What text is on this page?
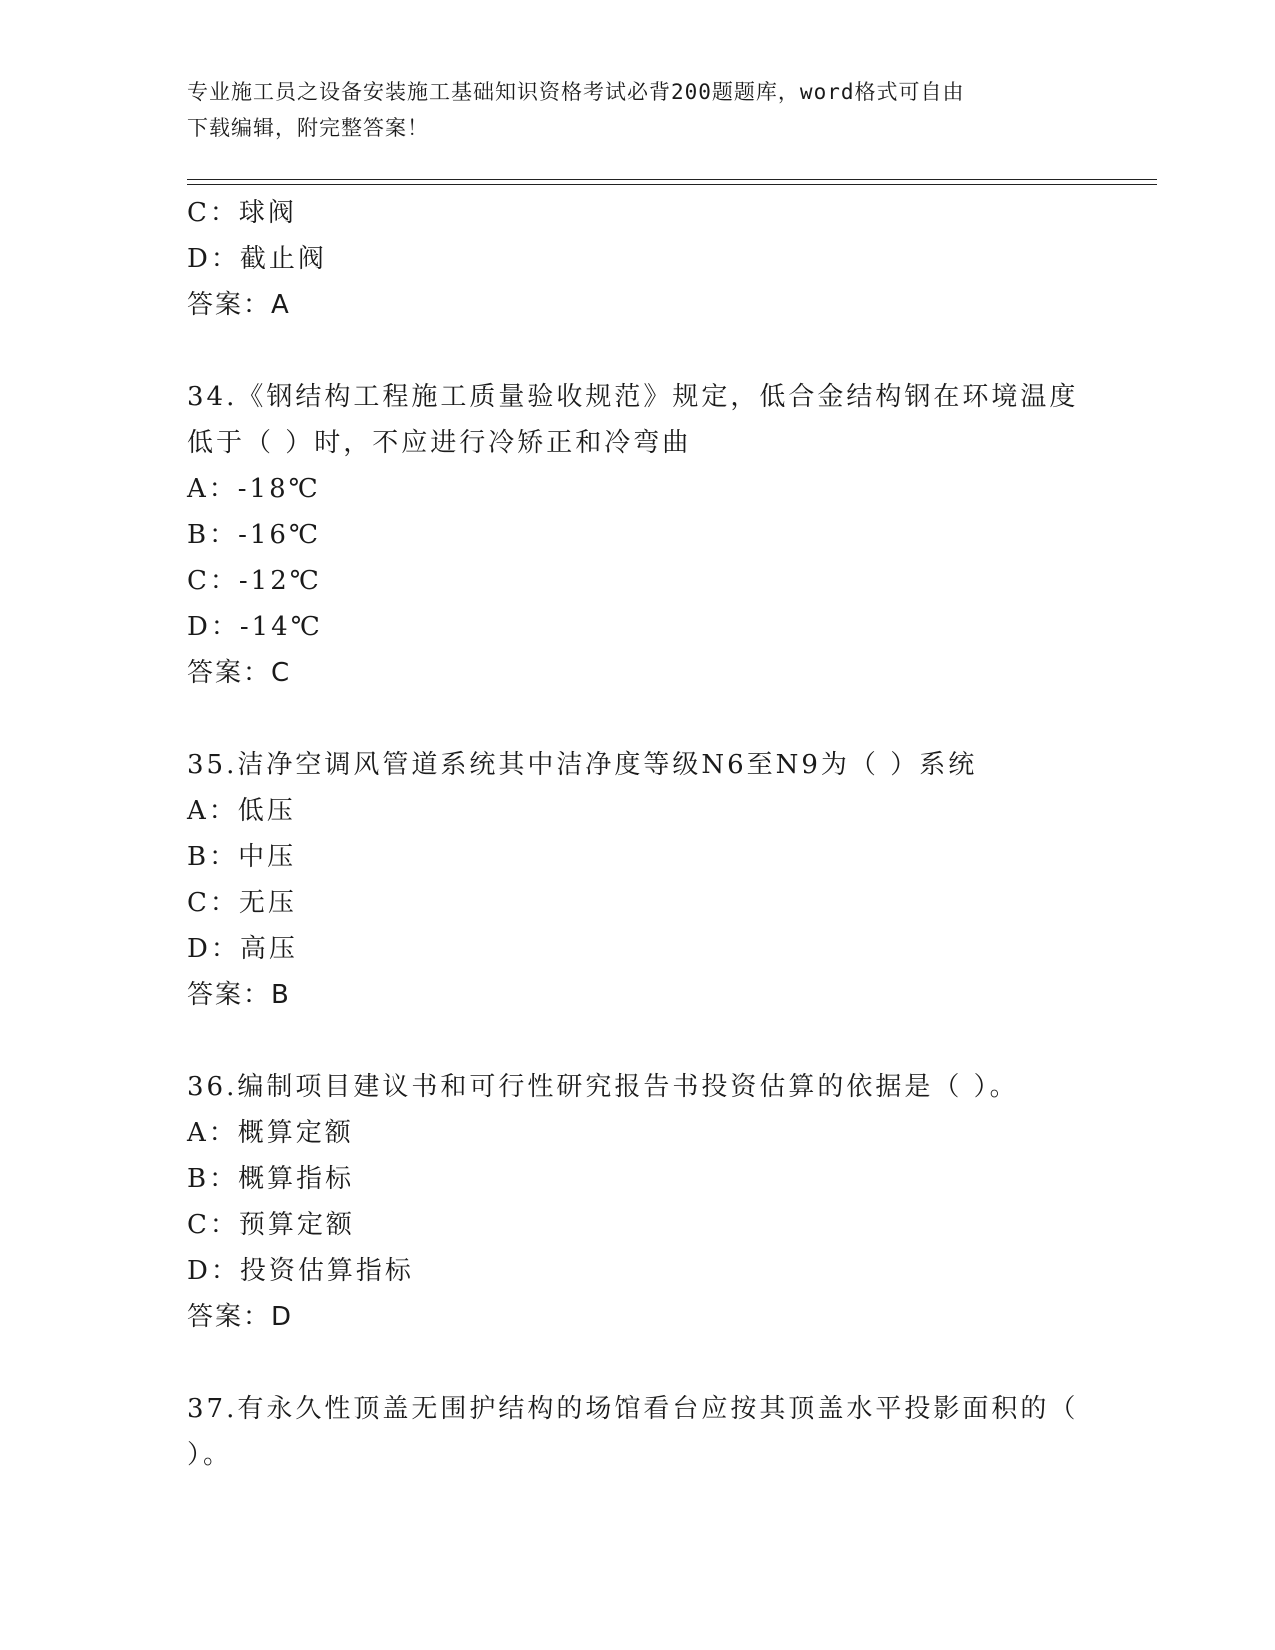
专业施工员之设备安装施工基础知识资格考试必背200题题库，word格式可自由
下载编辑，附完整答案！
C：球阀
D：截止阀
答案：A
34.《钢结构工程施工质量验收规范》规定，低合金结构钢在环境温度
低于（ ）时，不应进行冷矫正和冷弯曲
A：-18℃
B：-16℃
C：-12℃
D：-14℃
答案：C
35.洁净空调风管道系统其中洁净度等级N6至N9为（ ）系统
A：低压
B：中压
C：无压
D：高压
答案：B
36.编制项目建议书和可行性研究报告书投资估算的依据是（ ）。
A：概算定额
B：概算指标
C：预算定额
D：投资估算指标
答案：D
37.有永久性顶盖无围护结构的场馆看台应按其顶盖水平投影面积的（
）。
